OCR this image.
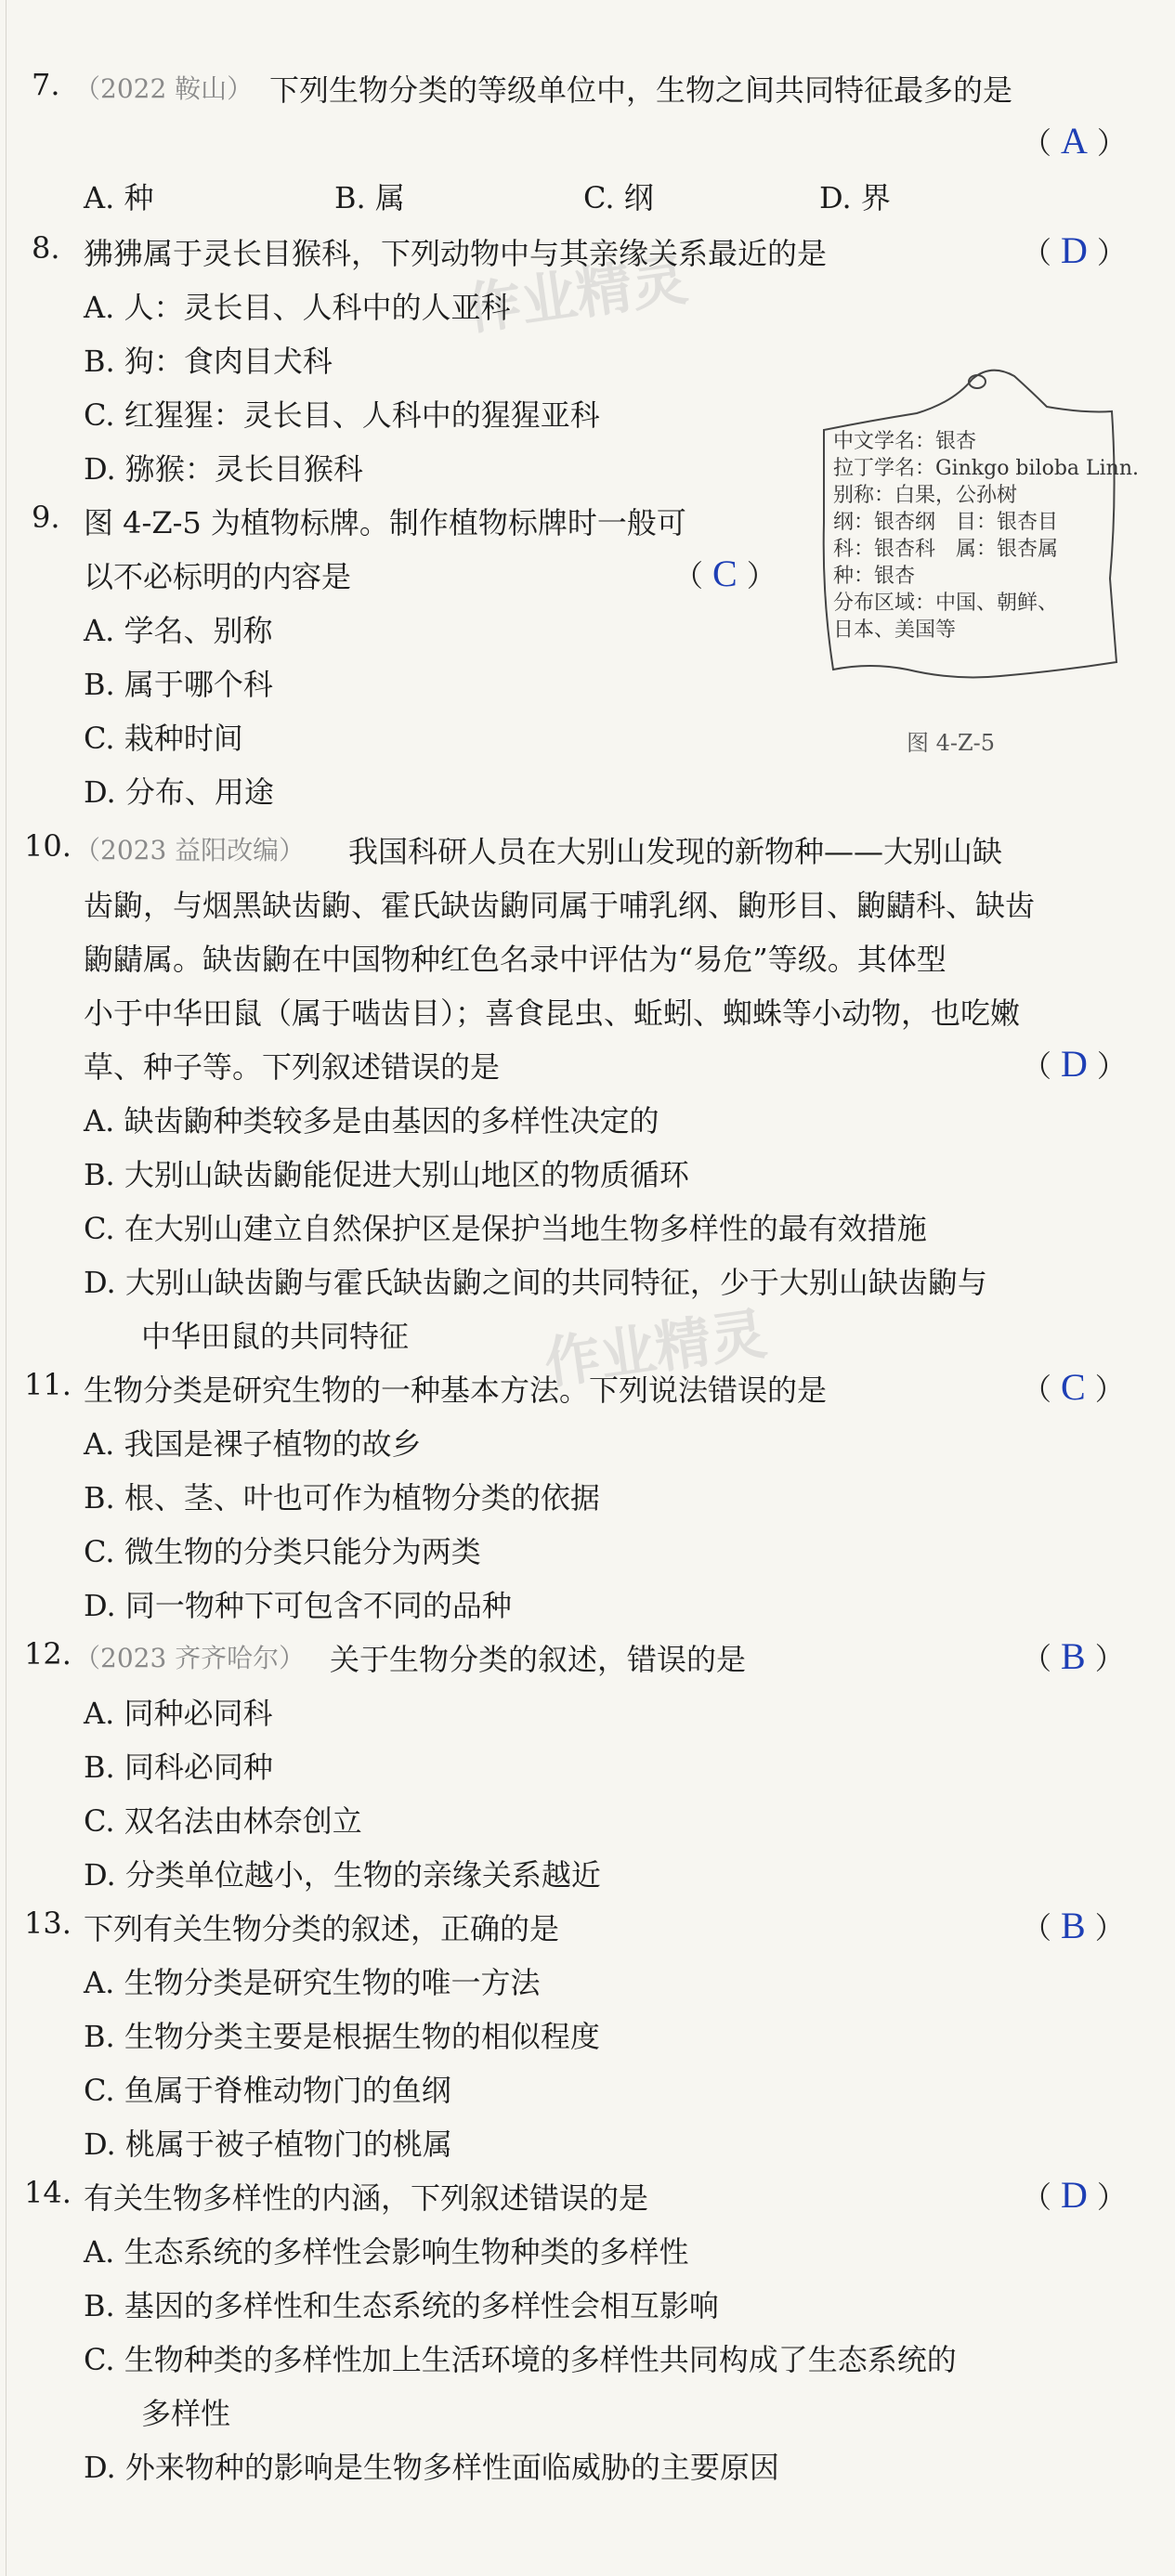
作业精灵
作业精灵
7. （2022 鞍山） 下列生物分类的等级单位中，生物之间共同特征最多的是
（ A ）
A. 种	B. 属	C. 纲	D. 界
8. 狒狒属于灵长目猴科，下列动物中与其亲缘关系最近的是	（ D ）
A. 人：灵长目、人科中的人亚科
B. 狗：食肉目犬科
C. 红猩猩：灵长目、人科中的猩猩亚科
D. 猕猴：灵长目猴科
9. 图 4-Z-5 为植物标牌。制作植物标牌时一般可
以不必标明的内容是	（ C ）
A. 学名、别称
B. 属于哪个科
C. 栽种时间
D. 分布、用途
中文学名：银杏
拉丁学名：Ginkgo biloba Linn.
别称：白果，公孙树
纲：银杏纲　目：银杏目
科：银杏科　属：银杏属
种：银杏
分布区域：中国、朝鲜、
日本、美国等
图 4-Z-5
10. （2023 益阳改编） 我国科研人员在大别山发现的新物种——大别山缺
齿鼩，与烟黑缺齿鼩、霍氏缺齿鼩同属于哺乳纲、鼩形目、鼩鼱科、缺齿
鼩鼱属。缺齿鼩在中国物种红色名录中评估为“易危”等级。其体型
小于中华田鼠（属于啮齿目）；喜食昆虫、蚯蚓、蜘蛛等小动物，也吃嫩
草、种子等。下列叙述错误的是	（ D ）
A. 缺齿鼩种类较多是由基因的多样性决定的
B. 大别山缺齿鼩能促进大别山地区的物质循环
C. 在大别山建立自然保护区是保护当地生物多样性的最有效措施
D. 大别山缺齿鼩与霍氏缺齿鼩之间的共同特征，少于大别山缺齿鼩与
中华田鼠的共同特征
11. 生物分类是研究生物的一种基本方法。下列说法错误的是	（ C ）
A. 我国是裸子植物的故乡
B. 根、茎、叶也可作为植物分类的依据
C. 微生物的分类只能分为两类
D. 同一物种下可包含不同的品种
12. （2023 齐齐哈尔） 关于生物分类的叙述，错误的是	（ B ）
A. 同种必同科
B. 同科必同种
C. 双名法由林奈创立
D. 分类单位越小，生物的亲缘关系越近
13. 下列有关生物分类的叙述，正确的是	（ B ）
A. 生物分类是研究生物的唯一方法
B. 生物分类主要是根据生物的相似程度
C. 鱼属于脊椎动物门的鱼纲
D. 桃属于被子植物门的桃属
14. 有关生物多样性的内涵，下列叙述错误的是	（ D ）
A. 生态系统的多样性会影响生物种类的多样性
B. 基因的多样性和生态系统的多样性会相互影响
C. 生物种类的多样性加上生活环境的多样性共同构成了生态系统的
多样性
D. 外来物种的影响是生物多样性面临威胁的主要原因
